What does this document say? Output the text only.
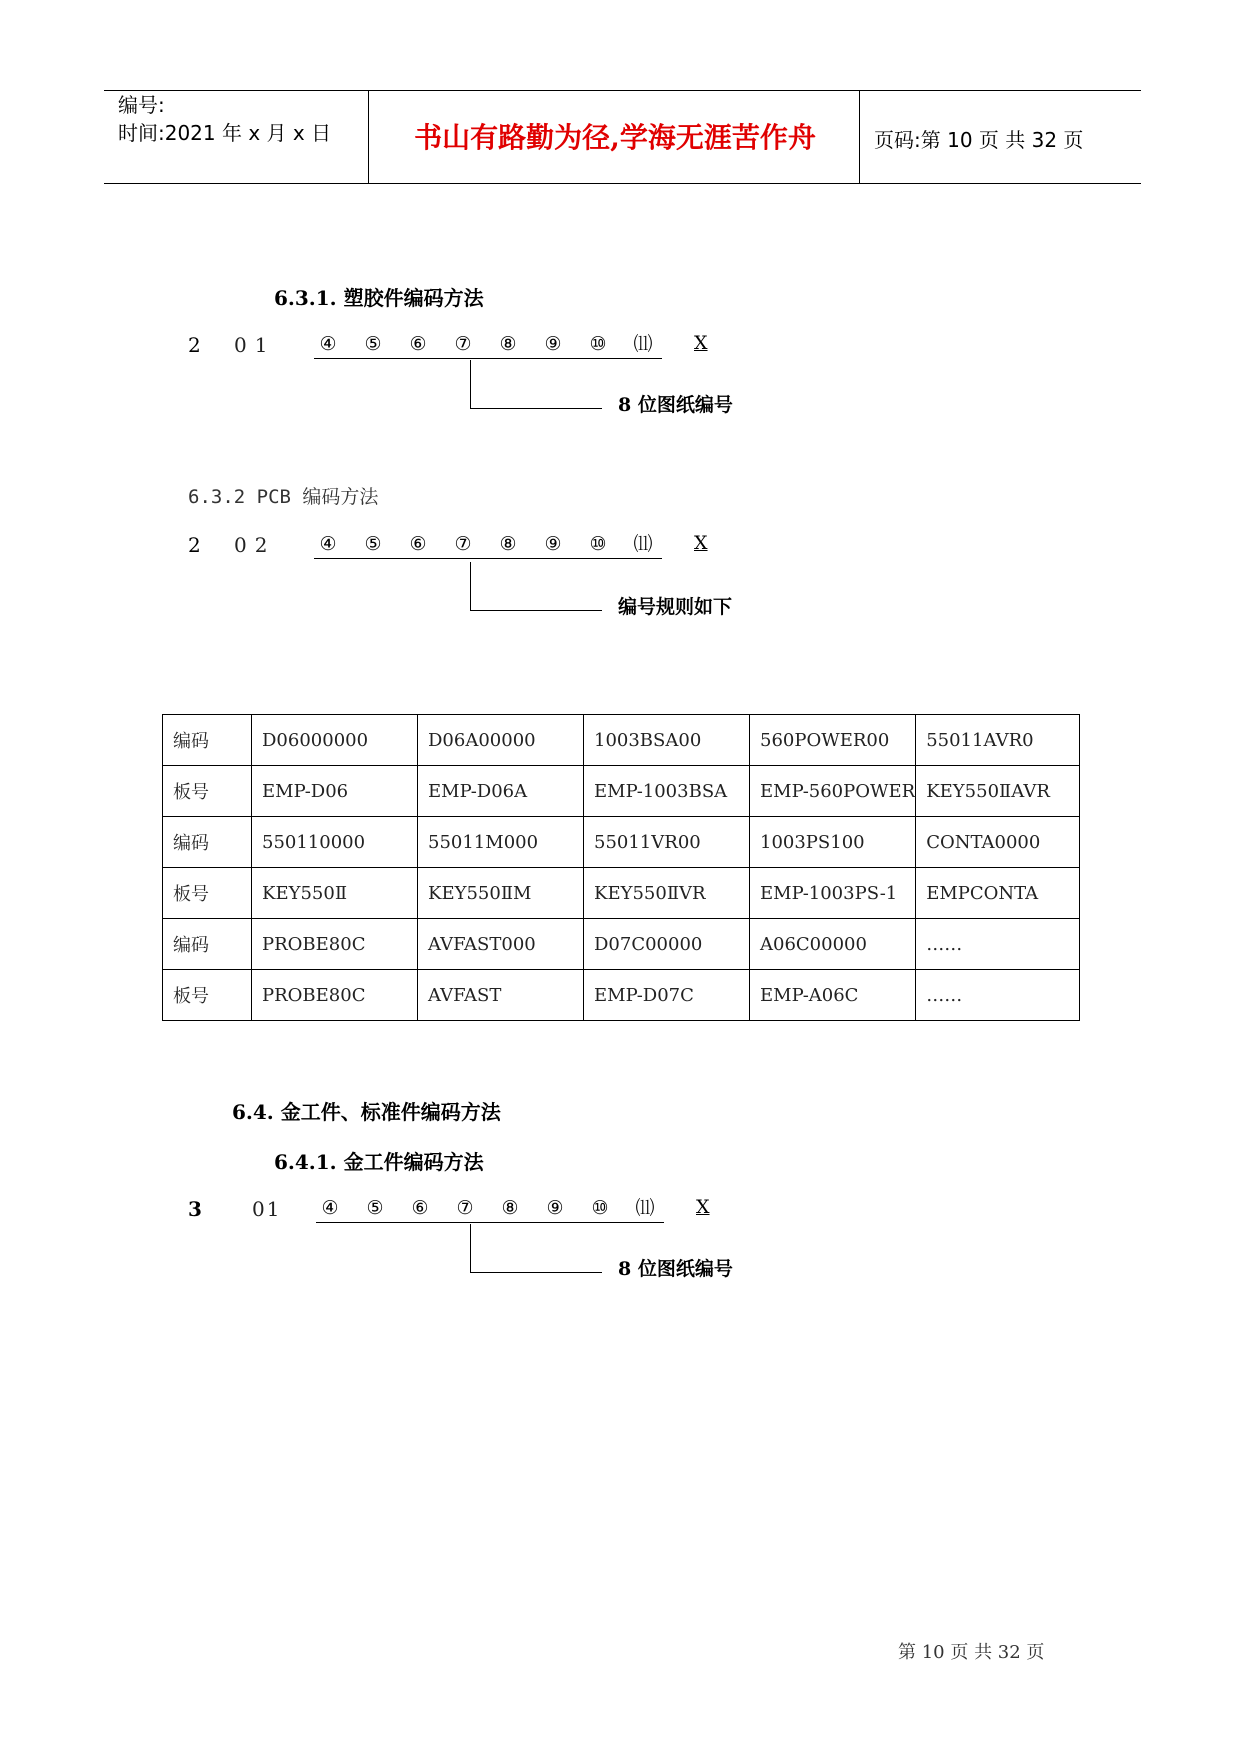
编号:
时间:2021 年 x 月 x 日	书山有路勤为径,学海无涯苦作舟	页码:第 10 页 共 32 页
6.3.1. 塑胶件编码方法
2 01 ④ ⑤ ⑥ ⑦ ⑧ ⑨ ⑩ ⑾ X
8 位图纸编号
6.3.2 PCB 编码方法
2 02 ④ ⑤ ⑥ ⑦ ⑧ ⑨ ⑩ ⑾ X
编号规则如下
编码	D06000000	D06A00000	1003BSA00	560POWER00	55011AVR0
板号	EMP-D06	EMP-D06A	EMP-1003BSA	EMP-560POWER	KEY550ⅡAVR
编码	550110000	55011M000	55011VR00	1003PS100	CONTA0000
板号	KEY550Ⅱ	KEY550ⅡM	KEY550ⅡVR	EMP-1003PS-1	EMPCONTA
编码	PROBE80C	AVFAST000	D07C00000	A06C00000	……
板号	PROBE80C	AVFAST	EMP-D07C	EMP-A06C	……
6.4. 金工件、标准件编码方法
6.4.1. 金工件编码方法
3	01 ④ ⑤ ⑥ ⑦ ⑧ ⑨ ⑩ ⑾ X
8 位图纸编号
第 10 页 共 32 页
